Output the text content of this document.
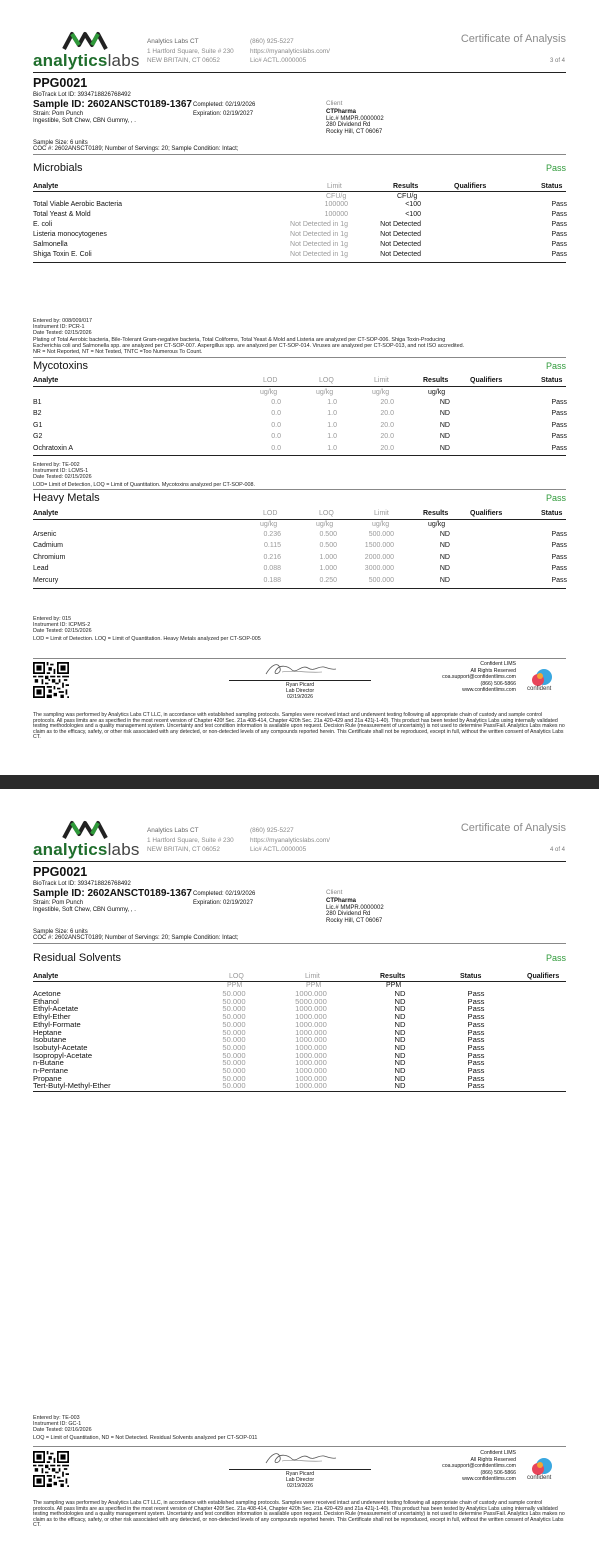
analyticslabs
Analytics Labs CT
1 Hartford Square, Suite # 230
NEW BRITAIN, CT 06052
(860) 925-5227
https://myanalyticslabs.com/
Lic# ACTL.0000005
Certificate of Analysis
3 of 4
PPG0021
BioTrack Lot ID: 3934718826768492
Sample ID: 2602ANSCT0189-1367 Completed: 02/19/2026
Expiration: 02/19/2027
Strain: Pom Punch
Ingestible, Soft Chew, CBN Gummy, , .
Client
CTPharma
Lic.# MMPR.0000002
280 Dividend Rd
Rocky Hill, CT 06067
Sample Size: 6 units
COC #: 2602ANSCT0189; Number of Servings: 20; Sample Condition: Intact;
Microbials	Pass
Analyte	Limit	Results	Qualifiers	Status
CFU/g	CFU/g
Total Viable Aerobic Bacteria	100000	<100	Pass
Total Yeast & Mold	100000	<100	Pass
E. coli	Not Detected in 1g	Not Detected	Pass
Listeria monocytogenes	Not Detected in 1g	Not Detected	Pass
Salmonella	Not Detected in 1g	Not Detected	Pass
Shiga Toxin E. Coli	Not Detected in 1g	Not Detected	Pass
Entered by: 008/009/017
Instrument ID: PCR-1
Date Tested: 02/15/2026
Plating of Total Aerobic bacteria, Bile-Tolerant Gram-negative bacteria, Total Coliforms, Total Yeast & Mold and Listeria are analyzed per CT-SOP-006. Shiga Toxin-Producing
Escherichia coli and Salmonella spp. are analyzed per CT-SOP-007. Aspergillus spp. are analyzed per CT-SOP-014. Viruses are analyzed per CT-SOP-013, and not ISO accredited.
NR = Not Reported, NT = Not Tested, TNTC =Too Numerous To Count.
Mycotoxins	Pass
Analyte	LOD	LOQ	Limit	Results	Qualifiers	Status
ug/kg	ug/kg	ug/kg	ug/kg
B1	0.0	1.0	20.0	ND	Pass
B2	0.0	1.0	20.0	ND	Pass
G1	0.0	1.0	20.0	ND	Pass
G2	0.0	1.0	20.0	ND	Pass
Ochratoxin A	0.0	1.0	20.0	ND	Pass
Entered by: TE-002
Instrument ID: LCMS-1
Date Tested: 02/15/2026
LOD= Limit of Detection, LOQ = Limit of Quantitation. Mycotoxins analyzed per CT-SOP-008.
Heavy Metals	Pass
Analyte	LOD	LOQ	Limit	Results	Qualifiers	Status
ug/kg	ug/kg	ug/kg	ug/kg
Arsenic	0.236	0.500	500.000	ND	Pass
Cadmium	0.115	0.500	1500.000	ND	Pass
Chromium	0.216	1.000	2000.000	ND	Pass
Lead	0.088	1.000	3000.000	ND	Pass
Mercury	0.188	0.250	500.000	ND	Pass
Entered by: 015
Instrument ID: ICPMS-2
Date Tested: 02/15/2026
LOD = Limit of Detection. LOQ = Limit of Quantitation. Heavy Metals analyzed per CT-SOP-005
Ryan Picard
Lab Director
02/19/2026
Confident LIMS
All Rights Reserved
coa.support@confidentlims.com
(866) 506-5866
www.confidentlims.com confident
The sampling was performed by Analytics Labs CT LLC, in accordance with established sampling protocols. Samples were received intact and underwent testing following all appropriate chain of custody and sample control protocols. All pass limits are as specified in the most recent version of Chapter 420f Sec. 21a 408-414, Chapter 420h Sec. 21a 420-429 and 21a 421j-1-40). This product has been tested by Analytics Labs using internally validated testing methodologies and a quality management system. Uncertainty and test condition information is available upon request. Decision Rule (measurement of uncertainty) is not used to determine Pass/Fail. Analytics Labs makes no claim as to the efficacy, safety, or other risk associated with any detected, or non-detected levels of any compounds reported herein. This Certificate shall not be reproduced, except in full, without the written consent of Analytics Labs CT.
analyticslabs
Analytics Labs CT
1 Hartford Square, Suite # 230
NEW BRITAIN, CT 06052
(860) 925-5227
https://myanalyticslabs.com/
Lic# ACTL.0000005
Certificate of Analysis
4 of 4
PPG0021
BioTrack Lot ID: 3934718826768492
Sample ID: 2602ANSCT0189-1367 Completed: 02/19/2026
Expiration: 02/19/2027
Strain: Pom Punch
Ingestible, Soft Chew, CBN Gummy, , .
Client
CTPharma
Lic.# MMPR.0000002
280 Dividend Rd
Rocky Hill, CT 06067
Sample Size: 6 units
COC #: 2602ANSCT0189; Number of Servings: 20; Sample Condition: Intact;
Residual Solvents	Pass
Analyte	LOQ	Limit	Results	Status	Qualifiers
PPM	PPM	PPM
Acetone	50.000	1000.000	ND	Pass
Ethanol	50.000	5000.000	ND	Pass
Ethyl-Acetate	50.000	1000.000	ND	Pass
Ethyl-Ether	50.000	1000.000	ND	Pass
Ethyl-Formate	50.000	1000.000	ND	Pass
Heptane	50.000	1000.000	ND	Pass
Isobutane	50.000	1000.000	ND	Pass
Isobutyl-Acetate	50.000	1000.000	ND	Pass
Isopropyl-Acetate	50.000	1000.000	ND	Pass
n-Butane	50.000	1000.000	ND	Pass
n-Pentane	50.000	1000.000	ND	Pass
Propane	50.000	1000.000	ND	Pass
Tert-Butyl-Methyl-Ether	50.000	1000.000	ND	Pass
Entered by: TE-003
Instrument ID: GC-1
Date Tested: 02/16/2026
LOQ = Limit of Quantitation, ND = Not Detected. Residual Solvents analyzed per CT-SOP-011
Ryan Picard
Lab Director
02/19/2026
Confident LIMS
All Rights Reserved
coa.support@confidentlims.com
(866) 506-5866
www.confidentlims.com confident
The sampling was performed by Analytics Labs CT LLC, in accordance with established sampling protocols. Samples were received intact and underwent testing following all appropriate chain of custody and sample control protocols. All pass limits are as specified in the most recent version of Chapter 420f Sec. 21a 408-414, Chapter 420h Sec. 21a 420-429 and 21a 421j-1-40). This product has been tested by Analytics Labs using internally validated testing methodologies and a quality management system. Uncertainty and test condition information is available upon request. Decision Rule (measurement of uncertainty) is not used to determine Pass/Fail. Analytics Labs makes no claim as to the efficacy, safety, or other risk associated with any detected, or non-detected levels of any compounds reported herein. This Certificate shall not be reproduced, except in full, without the written consent of Analytics Labs CT.
